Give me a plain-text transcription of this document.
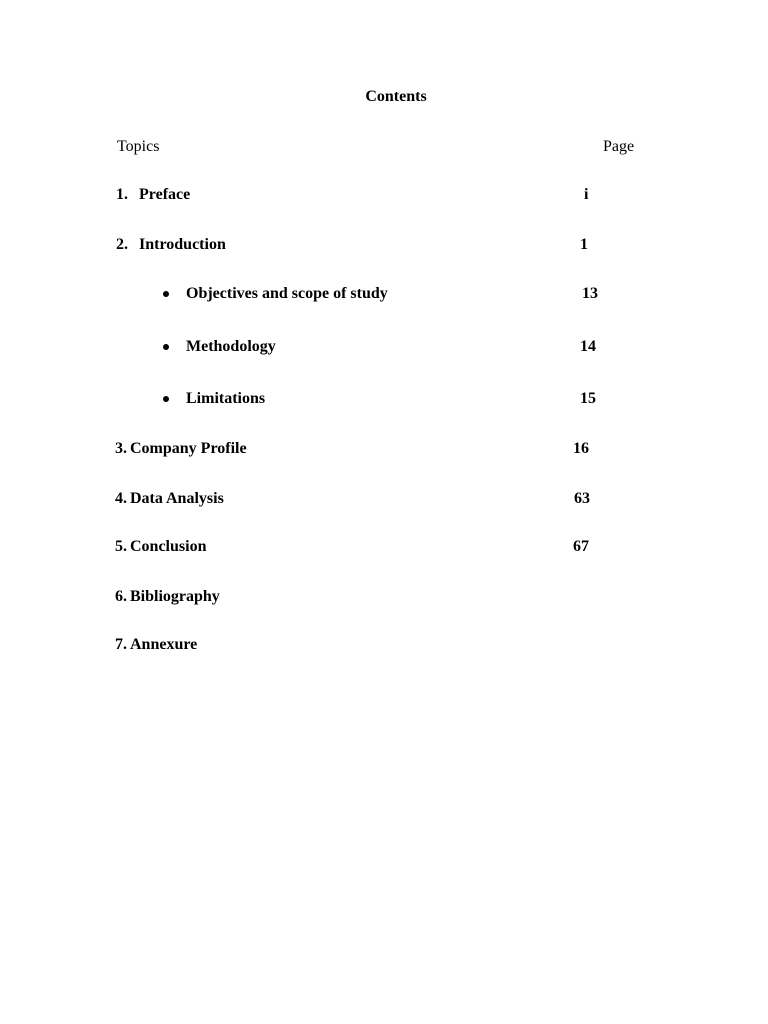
Contents
Topics	Page
1. Preface	i
2. Introduction	1
Objectives and scope of study	13
Methodology	14
Limitations	15
3. Company Profile	16
4. Data Analysis	63
5. Conclusion	67
6. Bibliography
7. Annexure
